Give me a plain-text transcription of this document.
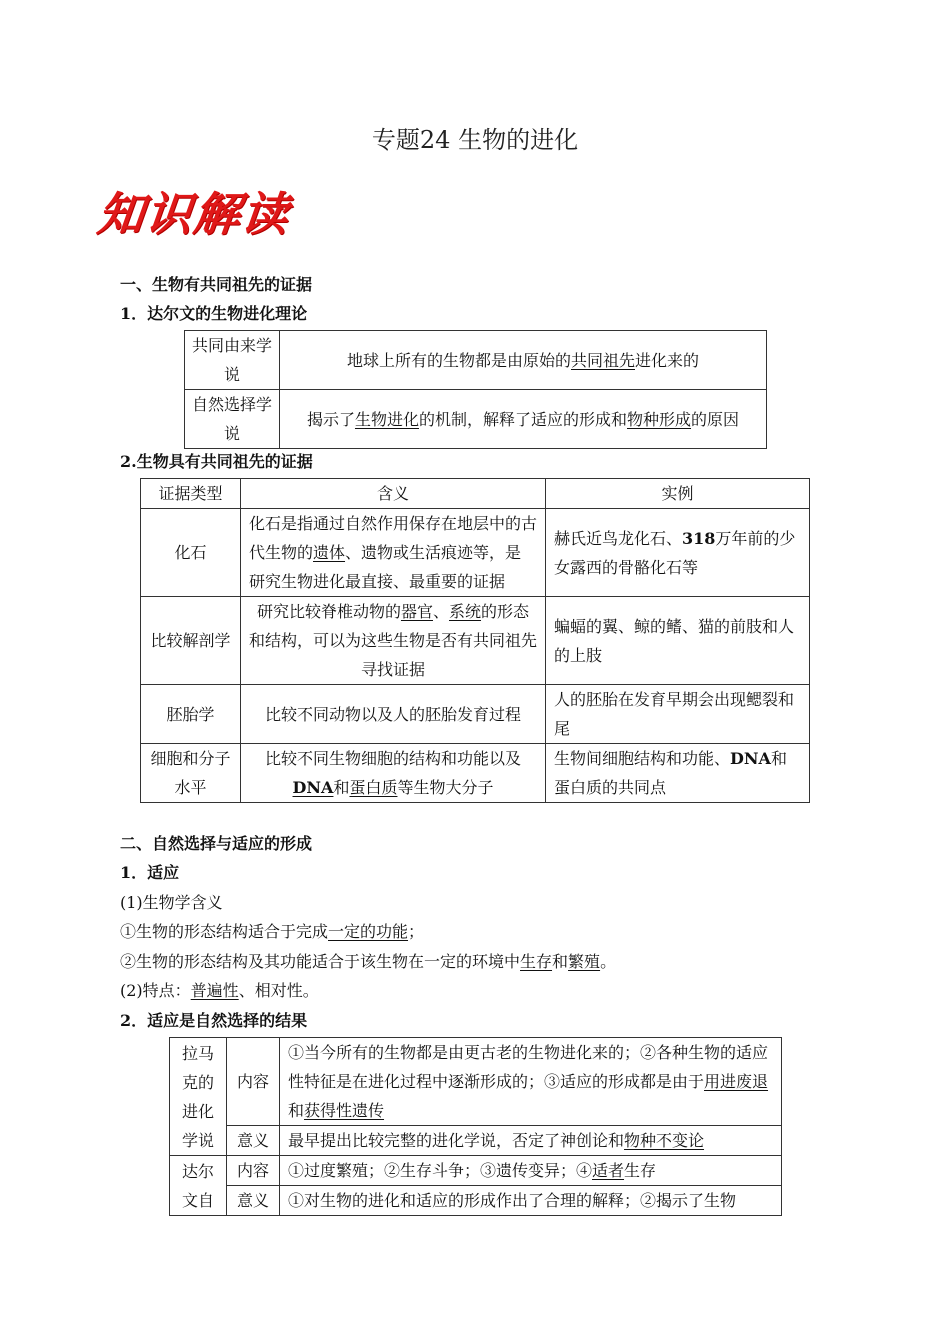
专题24 生物的进化
知识解读
一、生物有共同祖先的证据
1．达尔文的生物进化理论
共同由来学说	地球上所有的生物都是由原始的共同祖先进化来的
自然选择学说	揭示了生物进化的机制，解释了适应的形成和物种形成的原因
2.生物具有共同祖先的证据
证据类型	含义	实例
化石	化石是指通过自然作用保存在地层中的古代生物的遗体、遗物或生活痕迹等，是研究生物进化最直接、最重要的证据	赫氏近鸟龙化石、318万年前的少女露西的骨骼化石等
比较解剖学	研究比较脊椎动物的器官、系统的形态和结构，可以为这些生物是否有共同祖先寻找证据	蝙蝠的翼、鲸的鳍、猫的前肢和人的上肢
胚胎学	比较不同动物以及人的胚胎发育过程	人的胚胎在发育早期会出现鳃裂和尾
细胞和分子水平	比较不同生物细胞的结构和功能以及DNA和蛋白质等生物大分子	生物间细胞结构和功能、DNA和蛋白质的共同点
二、自然选择与适应的形成
1．适应
(1)生物学含义
①生物的形态结构适合于完成一定的功能；
②生物的形态结构及其功能适合于该生物在一定的环境中生存和繁殖。
(2)特点：普遍性、相对性。
2．适应是自然选择的结果
拉马克的进化学说	内容	①当今所有的生物都是由更古老的生物进化来的；②各种生物的适应性特征是在进化过程中逐渐形成的；③适应的形成都是由于用进废退和获得性遗传
	意义	最早提出比较完整的进化学说，否定了神创论和物种不变论
达尔文自	内容	①过度繁殖；②生存斗争；③遗传变异；④适者生存
	意义	①对生物的进化和适应的形成作出了合理的解释；②揭示了生物
